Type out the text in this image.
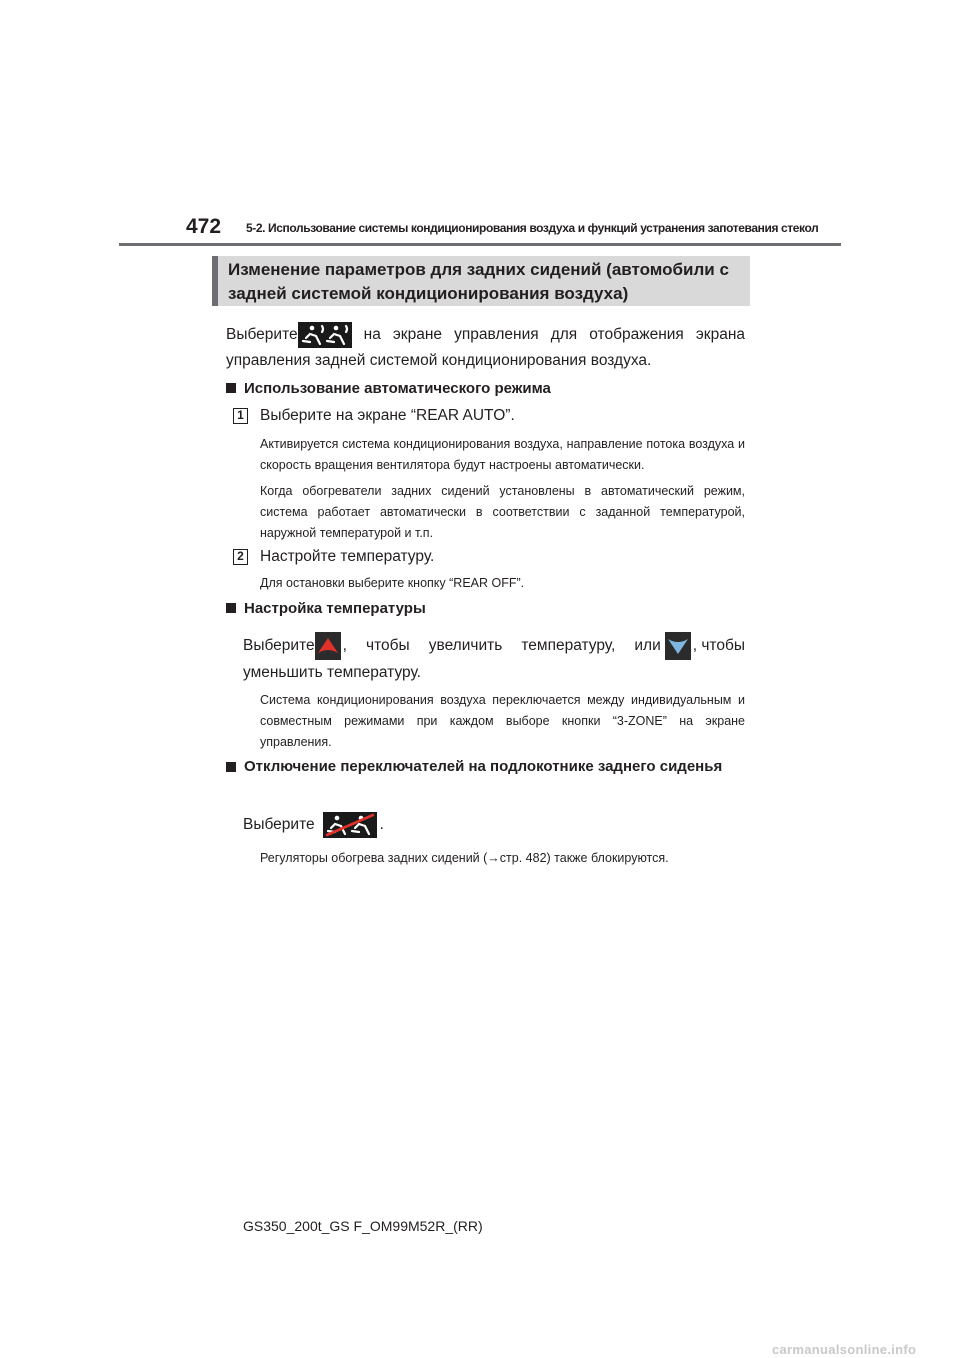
472 5-2. Использование системы кондиционирования воздуха и функций устранения запотевания стекол
Изменение параметров для задних сидений (автомобили с задней системой кондиционирования воздуха)
Выберите	на экране управления для отображения экрана
управления задней системой кондиционирования воздуха.
Использование автоматического режима
1 Выберите на экране “REAR AUTO”.
Активируется система кондиционирования воздуха, направление потока воздуха и скорость вращения вентилятора будут настроены автоматически.
Когда обогреватели задних сидений установлены в автоматический режим, система работает автоматически в соответствии с заданной температурой, наружной температурой и т.п.
2 Настройте температуру.
Для остановки выберите кнопку “REAR OFF”.
Настройка температуры
Выберите , чтобы увеличить температуру, или , чтобы
уменьшить температуру.
Система кондиционирования воздуха переключается между индивидуальным и совместным режимами при каждом выборе кнопки “3-ZONE” на экране управления.
Отключение переключателей на подлокотнике заднего сиденья
Выберите	.
Регуляторы обогрева задних сидений (→стр. 482) также блокируются.
GS350_200t_GS F_OM99M52R_(RR)
carmanualsonline.info
